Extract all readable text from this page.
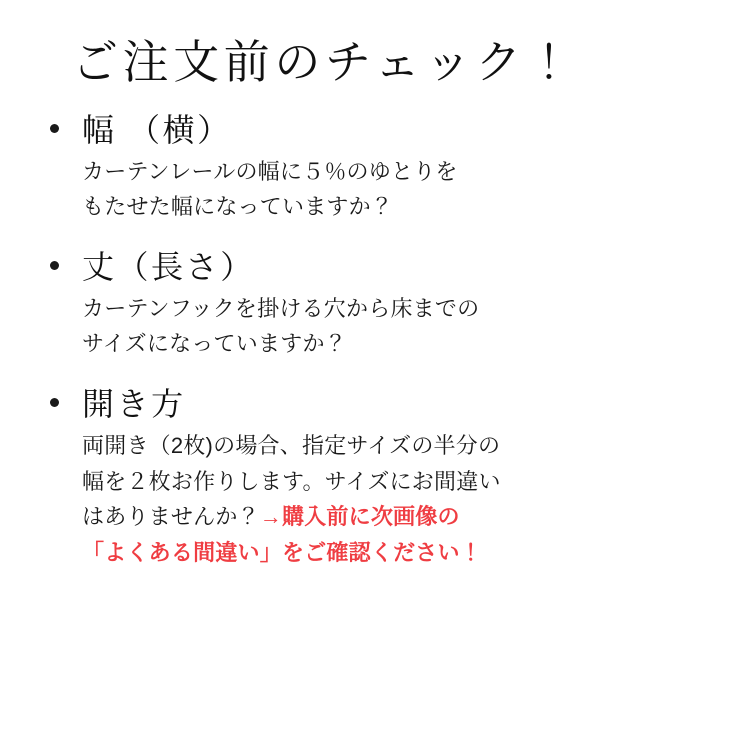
ご注文前のチェック！
幅 （横）

カーテンレールの幅に５％のゆとりを
もたせた幅になっていますか？

丈（長さ）

カーテンフックを掛ける穴から床までの
サイズになっていますか？

開き方

両開き（2枚)の場合、指定サイズの半分の
幅を２枚お作りします。サイズにお間違い
はありませんか？→購入前に次画像の
「よくある間違い」をご確認ください！
